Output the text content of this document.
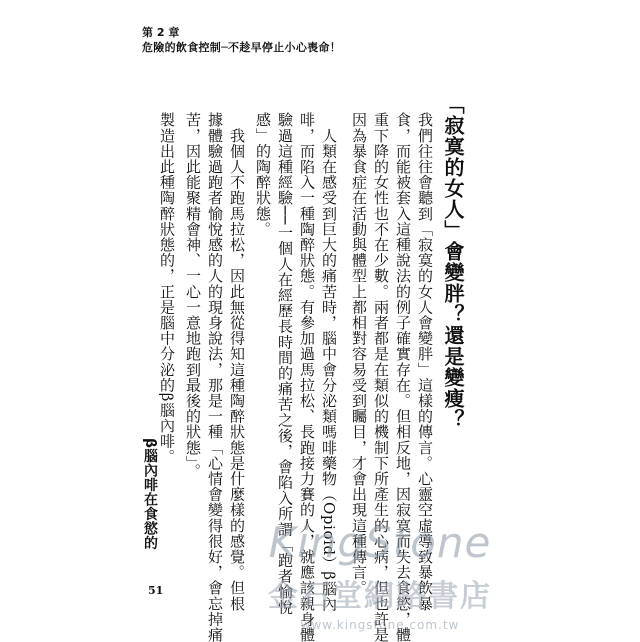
第 2 章
危險的飲食控制─不趁早停止小心喪命！
「寂寞的女人」會變胖？還是變瘦？
我們往往會聽到「寂寞的女人會變胖」這樣的傳言。心靈空虛導致暴飲暴
食，而能被套入這種說法的例子確實存在。但相反地，因寂寞而失去食慾，體
重下降的女性也不在少數。兩者都是在類似的機制下所產生的心病，但也許是
因為暴食症在活動與體型上都相對容易受到矚目，才會出現這種傳言。
　人類在感受到巨大的痛苦時，腦中會分泌類嗎啡藥物（Opioid）β腦內
啡，而陷入一種陶醉狀態。有參加過馬拉松、長跑接力賽的人，就應該親身體
驗過這種經驗──一個人在經歷長時間的痛苦之後，會陷入所謂「跑者愉悅
感」的陶醉狀態。
　我個人不跑馬拉松，因此無從得知這種陶醉狀態是什麼樣的感覺。但根
據體驗過跑者愉悅感的人的現身說法，那是一種「心情會變得很好，會忘掉痛
苦，因此能聚精會神、一心一意地跑到最後的狀態」。
製造出此種陶醉狀態的，正是腦中分泌的β腦內啡。
β腦內啡在食慾的
51
KingStone
金石堂網路書店
www.kingstone.com.tw
